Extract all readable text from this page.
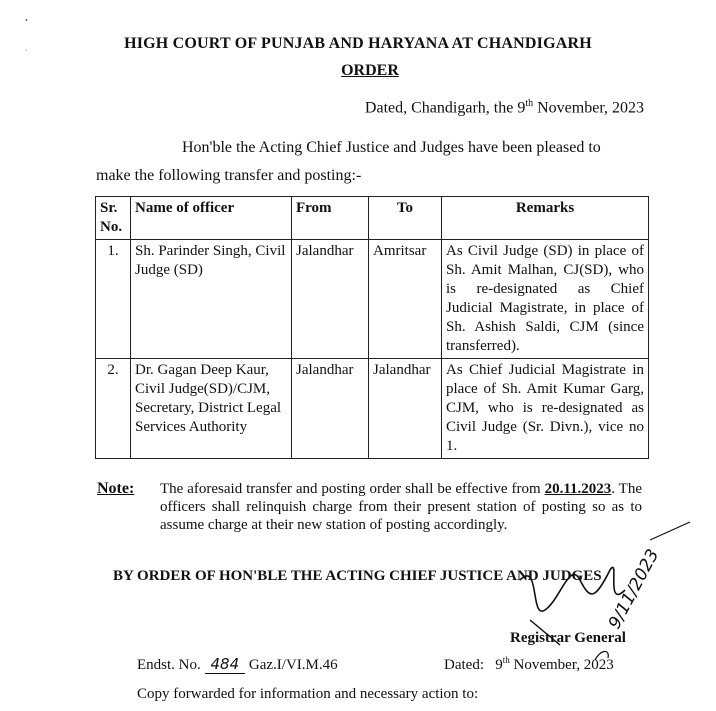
•
·	HIGH COURT OF PUNJAB AND HARYANA AT CHANDIGARH
ORDER
Dated, Chandigarh, the 9th November, 2023
Hon'ble the Acting Chief Justice and Judges have been pleased to
make the following transfer and posting:-
Sr. No.	Name of officer	From	To	Remarks
1.	Sh. Parinder Singh, Civil Judge (SD)	Jalandhar	Amritsar	As Civil Judge (SD) in place of Sh. Amit Malhan, CJ(SD), who is re-designated as Chief Judicial Magistrate, in place of Sh. Ashish Saldi, CJM (since transferred).
2.	Dr. Gagan Deep Kaur, Civil Judge(SD)/CJM, Secretary, District Legal Services Authority	Jalandhar	Jalandhar	As Chief Judicial Magistrate in place of Sh. Amit Kumar Garg, CJM, who is re-designated as Civil Judge (Sr. Divn.), vice no 1.
Note: The aforesaid transfer and posting order shall be effective from 20.11.2023. The officers shall relinquish charge from their present station of posting so as to assume charge at their new station of posting accordingly.
BY ORDER OF HON'BLE THE ACTING CHIEF JUSTICE AND JUDGES 9/11/2023
Registrar General
Endst. No. 484 Gaz.I/VI.M.46	Dated: 9th November, 2023
Copy forwarded for information and necessary action to:
